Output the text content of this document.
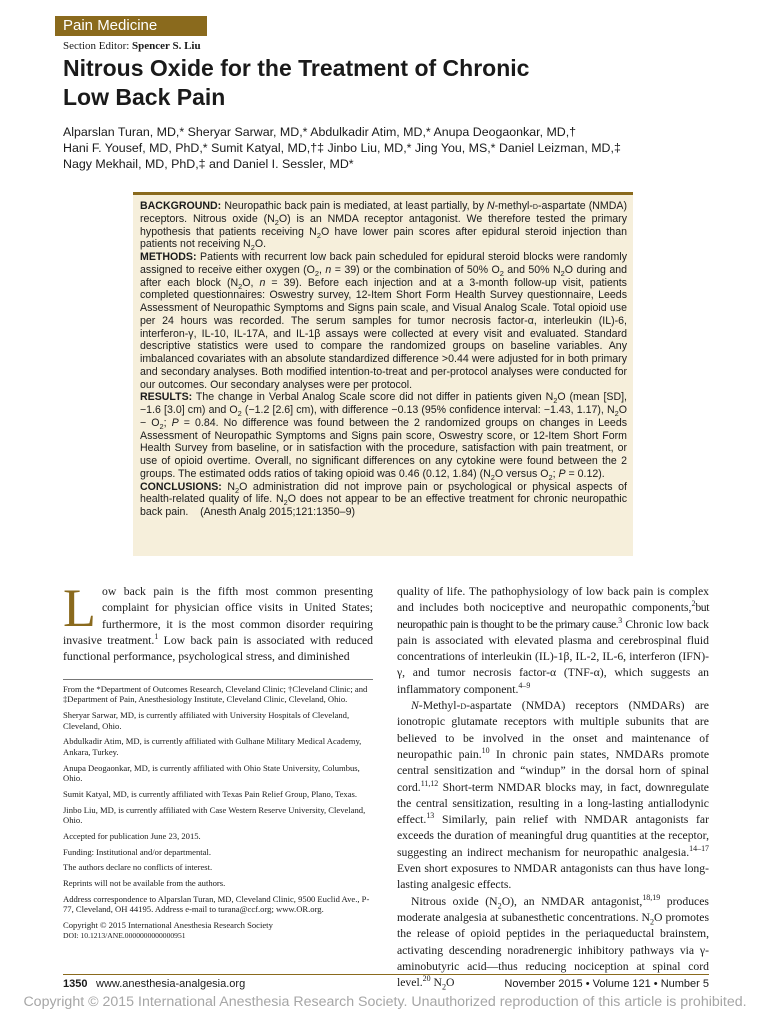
Pain Medicine
Section Editor: Spencer S. Liu
Nitrous Oxide for the Treatment of Chronic
Low Back Pain
Alparslan Turan, MD,* Sheryar Sarwar, MD,* Abdulkadir Atim, MD,* Anupa Deogaonkar, MD,†
Hani F. Yousef, MD, PhD,* Sumit Katyal, MD,†‡ Jinbo Liu, MD,* Jing You, MS,* Daniel Leizman, MD,‡
Nagy Mekhail, MD, PhD,‡ and Daniel I. Sessler, MD*

BACKGROUND: Neuropathic back pain is mediated, at least partially, by N-methyl-d-aspartate (NMDA) receptors. Nitrous oxide $(N_2O)$ is an NMDA receptor antagonist. We therefore tested the primary hypothesis that patients receiving $N_2O$ have lower pain scores after epidural steroid injection than patients not receiving $N_2O$.

METHODS: Patients with recurrent low back pain scheduled for epidural steroid blocks were randomly assigned to receive either oxygen ($O_2$, n = 39) or the combination of 50% $O_2$ and 50% $N_2O$ during and after each block ($N_2O$, n = 39). Before each injection and at a 3-month follow-up visit, patients completed questionnaires: Oswestry survey, 12-Item Short Form Health Survey questionnaire, Leeds Assessment of Neuropathic Symptoms and Signs pain scale, and Visual Analog Scale. Total opioid use per 24 hours was recorded. The serum samples for tumor necrosis factor-α, interleukin (IL)-6, interferon-γ, IL-10, IL-17A, and IL-1β assays were collected at every visit and evaluated. Standard descriptive statistics were used to compare the randomized groups on baseline variables. Any imbalanced covariates with an absolute standardized difference >0.44 were adjusted for in both primary and secondary analyses. Both modified intention-to-treat and per-protocol analyses were conducted for our outcomes. Our secondary analyses were per protocol.

RESULTS: The change in Verbal Analog Scale score did not differ in patients given $N_2O$ (mean [SD], −1.6 [3.0] cm) and $O_2$ (−1.2 [2.6] cm), with difference −0.13 (95% confidence interval: −1.43, 1.17), $N_2O - O_2$; P = 0.84. No difference was found between the 2 randomized groups on changes in Leeds Assessment of Neuropathic Symptoms and Signs pain score, Oswestry score, or 12-Item Short Form Health Survey from baseline, or in satisfaction with the procedure, satisfaction with pain treatment, or use of opioid overtime. Overall, no significant differences on any cytokine were found between the 2 groups. The estimated odds ratios of taking opioid was 0.46 (0.12, 1.84) ($N_2O$ versus $O_2$; P = 0.12).

CONCLUSIONS: $N_2O$ administration did not improve pain or psychological or physical aspects of health-related quality of life. $N_2O$ does not appear to be an effective treatment for chronic neuropathic back pain.    (Anesth Analg 2015;121:1350–9)

Low back pain is the fifth most common presenting complaint for physician office visits in United States; furthermore, it is the most common disorder requiring invasive treatment.$^1$ Low back pain is associated with reduced functional performance, psychological stress, and diminished

From the *Department of Outcomes Research, Cleveland Clinic; †Cleveland Clinic; and ‡Department of Pain, Anesthesiology Institute, Cleveland Clinic, Cleveland, Ohio.

Sheryar Sarwar, MD, is currently affiliated with University Hospitals of Cleveland, Cleveland, Ohio.

Abdulkadir Atim, MD, is currently affiliated with Gulhane Military Medical Academy, Ankara, Turkey.

Anupa Deogaonkar, MD, is currently affiliated with Ohio State University, Columbus, Ohio.

Sumit Katyal, MD, is currently affiliated with Texas Pain Relief Group, Plano, Texas.

Jinbo Liu, MD, is currently affiliated with Case Western Reserve University, Cleveland, Ohio.

Accepted for publication June 23, 2015.

Funding: Institutional and/or departmental.

The authors declare no conflicts of interest.

Reprints will not be available from the authors.

Address correspondence to Alparslan Turan, MD, Cleveland Clinic, 9500 Euclid Ave., P-77, Cleveland, OH 44195. Address e-mail to turana@ccf.org; www.OR.org.

Copyright © 2015 International Anesthesia Research Society

DOI: 10.1213/ANE.0000000000000951

quality of life. The pathophysiology of low back pain is complex and includes both nociceptive and neuropathic components,$^2$but neuropathic pain is thought to be the primary cause.$^3$ Chronic low back pain is associated with elevated plasma and cerebrospinal fluid concentrations of interleukin (IL)-1β, IL-2, IL-6, interferon (IFN)-γ, and tumor necrosis factor-α (TNF-α), which suggests an inflammatory component.$^{4-9}$

N-Methyl-d-aspartate (NMDA) receptors (NMDARs) are ionotropic glutamate receptors with multiple subunits that are believed to be involved in the onset and maintenance of neuropathic pain.$^{10}$ In chronic pain states, NMDARs promote central sensitization and “windup” in the dorsal horn of spinal cord.$^{11,12}$ Short-term NMDAR blocks may, in fact, downregulate the central sensitization, resulting in a long-lasting antiallodynic effect.$^{13}$ Similarly, pain relief with NMDAR antagonists far exceeds the duration of meaningful drug quantities at the receptor, suggesting an indirect mechanism for neuropathic analgesia.$^{14-17}$ Even short exposures to NMDAR antagonists can thus have long-lasting analgesic effects.

Nitrous oxide $(N_2O)$, an NMDAR antagonist,$^{18,19}$ produces moderate analgesia at subanesthetic concentrations. $N_2O$ promotes the release of opioid peptides in the periaqueductal brainstem, activating descending noradrenergic inhibitory pathways via γ-aminobutyric acid—thus reducing nociception at spinal cord level.$^{20}$ $N_2O$

1350 www.anesthesia-analgesia.org	November 2015 • Volume 121 • Number 5
Copyright © 2015 International Anesthesia Research Society. Unauthorized reproduction of this article is prohibited.
